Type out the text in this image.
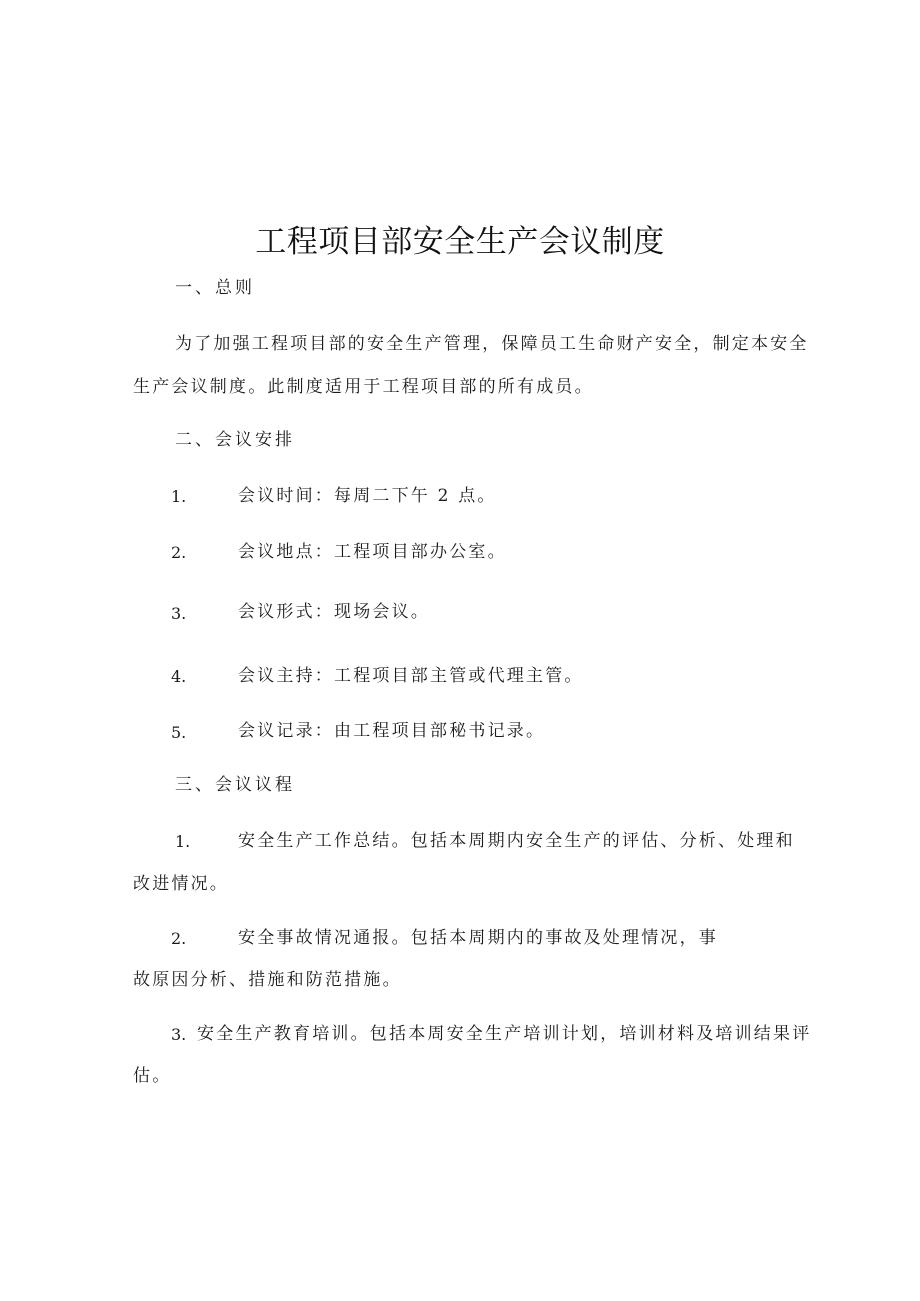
工程项目部安全生产会议制度
一、总则
为了加强工程项目部的安全生产管理，保障员工生命财产安全，制定本安全
生产会议制度。此制度适用于工程项目部的所有成员。
二、会议安排
1.	会议时间：每周二下午 2 点。
2.	会议地点：工程项目部办公室。
3.	会议形式：现场会议。
4.	会议主持：工程项目部主管或代理主管。
5.	会议记录：由工程项目部秘书记录。
三、会议议程
1.	安全生产工作总结。包括本周期内安全生产的评估、分析、处理和
改进情况。
2.	安全事故情况通报。包括本周期内的事故及处理情况，事
故原因分析、措施和防范措施。
3. 安全生产教育培训。包括本周安全生产培训计划，培训材料及培训结果评
估。
